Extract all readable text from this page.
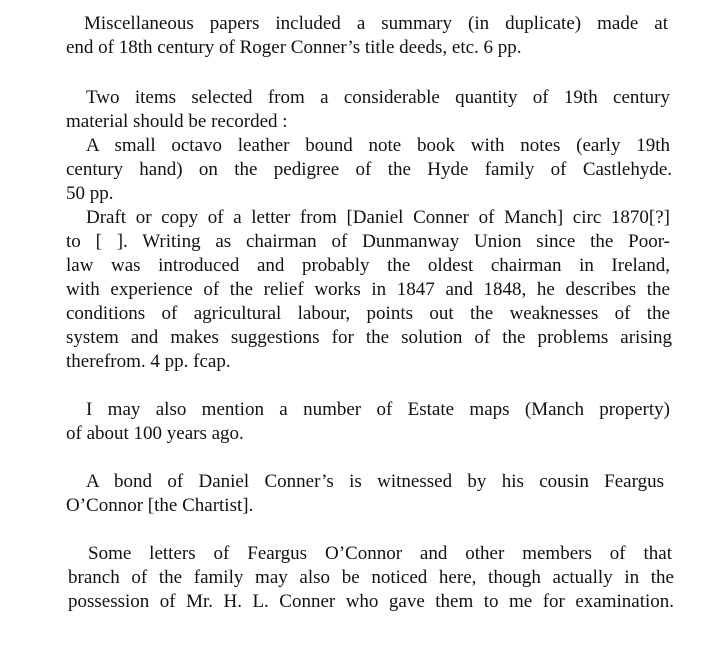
Miscellaneous papers included a summary (in duplicate) made at
end of 18th century of Roger Conner’s title deeds, etc. 6 pp.
Two items selected from a considerable quantity of 19th century
material should be recorded :
A small octavo leather bound note book with notes (early 19th
century hand) on the pedigree of the Hyde family of Castlehyde.
50 pp.
Draft or copy of a letter from [Daniel Conner of Manch] circ 1870[?]
to [ ]. Writing as chairman of Dunmanway Union since the Poor-
law was introduced and probably the oldest chairman in Ireland,
with experience of the relief works in 1847 and 1848, he describes the
conditions of agricultural labour, points out the weaknesses of the
system and makes suggestions for the solution of the problems arising
therefrom. 4 pp. fcap.
I may also mention a number of Estate maps (Manch property)
of about 100 years ago.
A bond of Daniel Conner’s is witnessed by his cousin Feargus
O’Connor [the Chartist].
Some letters of Feargus O’Connor and other members of that
branch of the family may also be noticed here, though actually in the
possession of Mr. H. L. Conner who gave them to me for examination.
